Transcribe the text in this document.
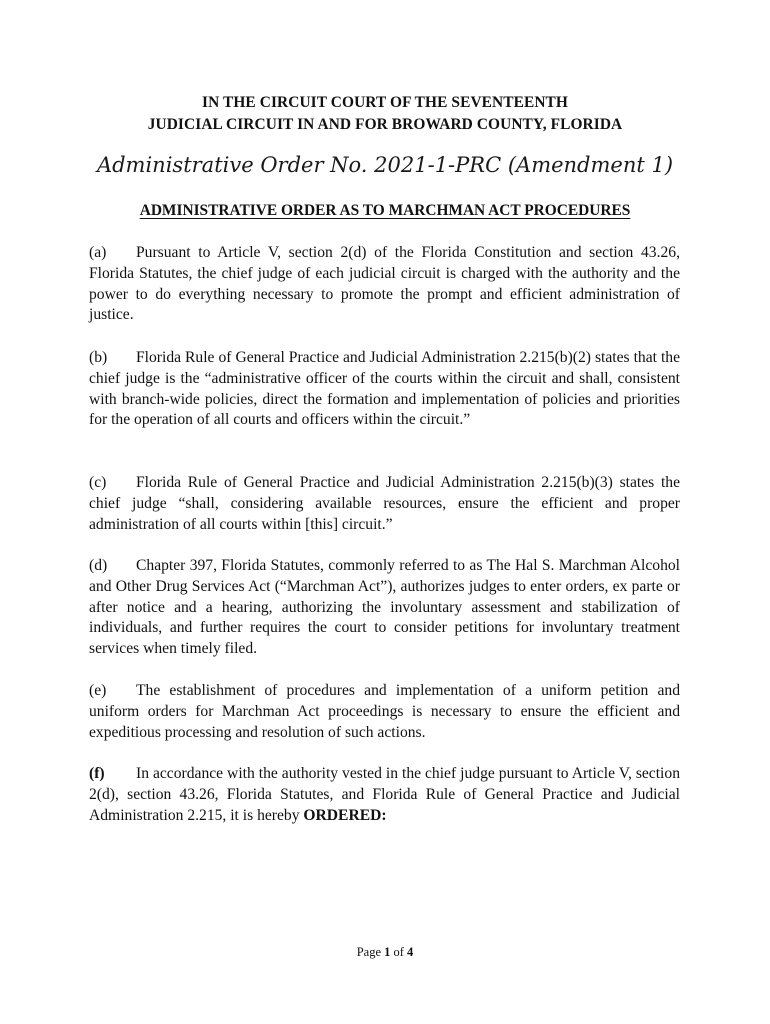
IN THE CIRCUIT COURT OF THE SEVENTEENTH
JUDICIAL CIRCUIT IN AND FOR BROWARD COUNTY, FLORIDA
Administrative Order No. 2021-1-PRC (Amendment 1)
ADMINISTRATIVE ORDER AS TO MARCHMAN ACT PROCEDURES

(a) Pursuant to Article V, section 2(d) of the Florida Constitution and section 43.26, Florida Statutes, the chief judge of each judicial circuit is charged with the authority and the power to do everything necessary to promote the prompt and efficient administration of justice.

(b) Florida Rule of General Practice and Judicial Administration 2.215(b)(2) states that the chief judge is the “administrative officer of the courts within the circuit and shall, consistent with branch-wide policies, direct the formation and implementation of policies and priorities for the operation of all courts and officers within the circuit.”

(c) Florida Rule of General Practice and Judicial Administration 2.215(b)(3) states the chief judge “shall, considering available resources, ensure the efficient and proper administration of all courts within [this] circuit.”

(d) Chapter 397, Florida Statutes, commonly referred to as The Hal S. Marchman Alcohol and Other Drug Services Act (“Marchman Act”), authorizes judges to enter orders, ex parte or after notice and a hearing, authorizing the involuntary assessment and stabilization of individuals, and further requires the court to consider petitions for involuntary treatment services when timely filed.

(e) The establishment of procedures and implementation of a uniform petition and uniform orders for Marchman Act proceedings is necessary to ensure the efficient and expeditious processing and resolution of such actions.

(f) In accordance with the authority vested in the chief judge pursuant to Article V, section 2(d), section 43.26, Florida Statutes, and Florida Rule of General Practice and Judicial Administration 2.215, it is hereby ORDERED:

Page 1 of 4
